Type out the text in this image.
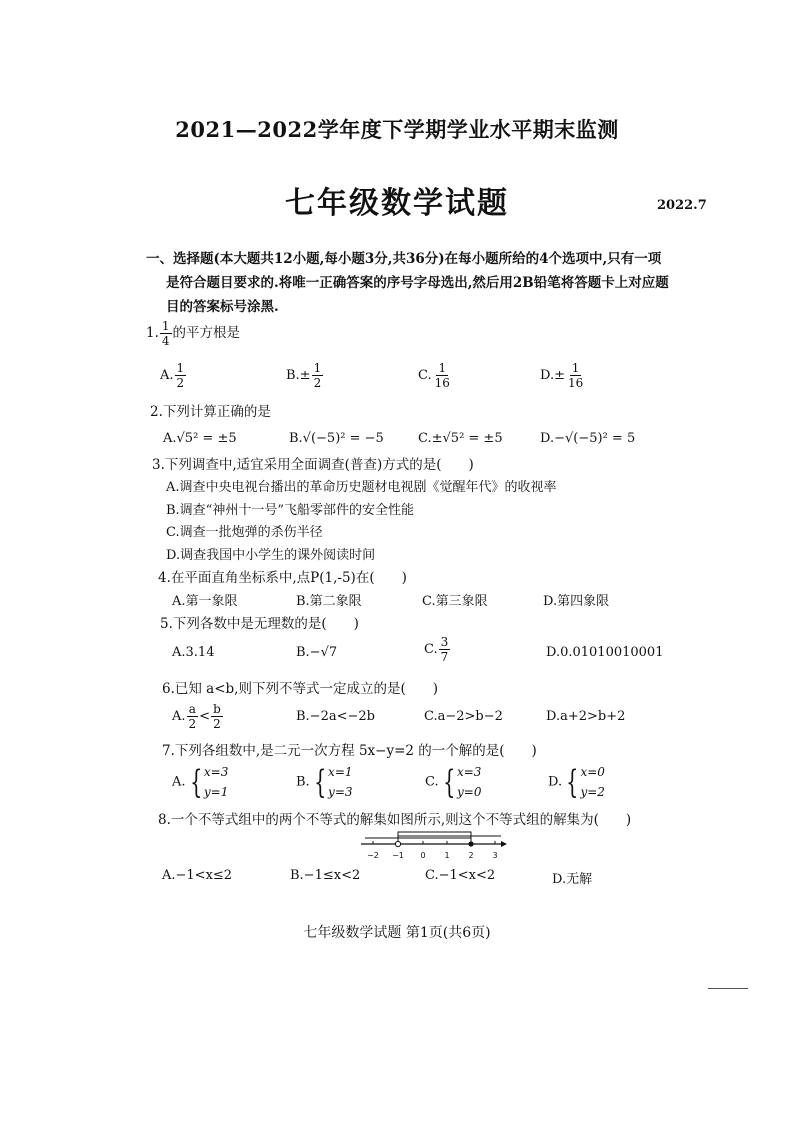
2021—2022学年度下学期学业水平期末监测
七年级数学试题	2022.7
一、选择题(本大题共12小题,每小题3分,共36分)在每小题所给的4个选项中,只有一项
是符合题目要求的.将唯一正确答案的序号字母选出,然后用2B铅笔将答题卡上对应题
目的答案标号涂黑.
1. $\frac{1}{4}$ 的平方根是
A. $\frac{1}{2}$	$B.\pm \frac{1}{2}$	C. $\frac{1}{16}$	$D.\pm \frac{1}{16}$
2.下列计算正确的是
A.√5² = ±5	B.√(−5)² = −5	C.±√5² = ±5	D.−√(−5)² = 5
3.下列调查中,适宜采用全面调查(普查)方式的是(　　)
A.调查中央电视台播出的革命历史题材电视剧《觉醒年代》的收视率
B.调查“神州十一号”飞船零部件的安全性能
C.调查一批炮弹的杀伤半径
D.调查我国中小学生的课外阅读时间
4.在平面直角坐标系中,点P(1,-5)在(　　)
A.第一象限	B.第二象限	C.第三象限	D.第四象限
5.下列各数中是无理数的是(　　)
A.3.14	B.−√7	C. $\frac{3}{7}$	D.0.01010010001
6.已知 a<b,则下列不等式一定成立的是(　　)
A. $\frac{a}{2} < \frac{b}{2}$	B.−2a<−2b	C.a−2>b−2	D.a+2>b+2
7.下列各组数中,是二元一次方程 5x−y=2 的一个解的是(　　)
A. { x=3
y=1
B. { x=1
y=3
C. { x=3
y=0
D. { x=0
y=2
8.一个不等式组中的两个不等式的解集如图所示,则这个不等式组的解集为(　　)
−2 −1 0 1 2 3
A.−1<x≤2	B.−1≤x<2	C.−1<x<2	D.无解
七年级数学试题 第1页(共6页)
